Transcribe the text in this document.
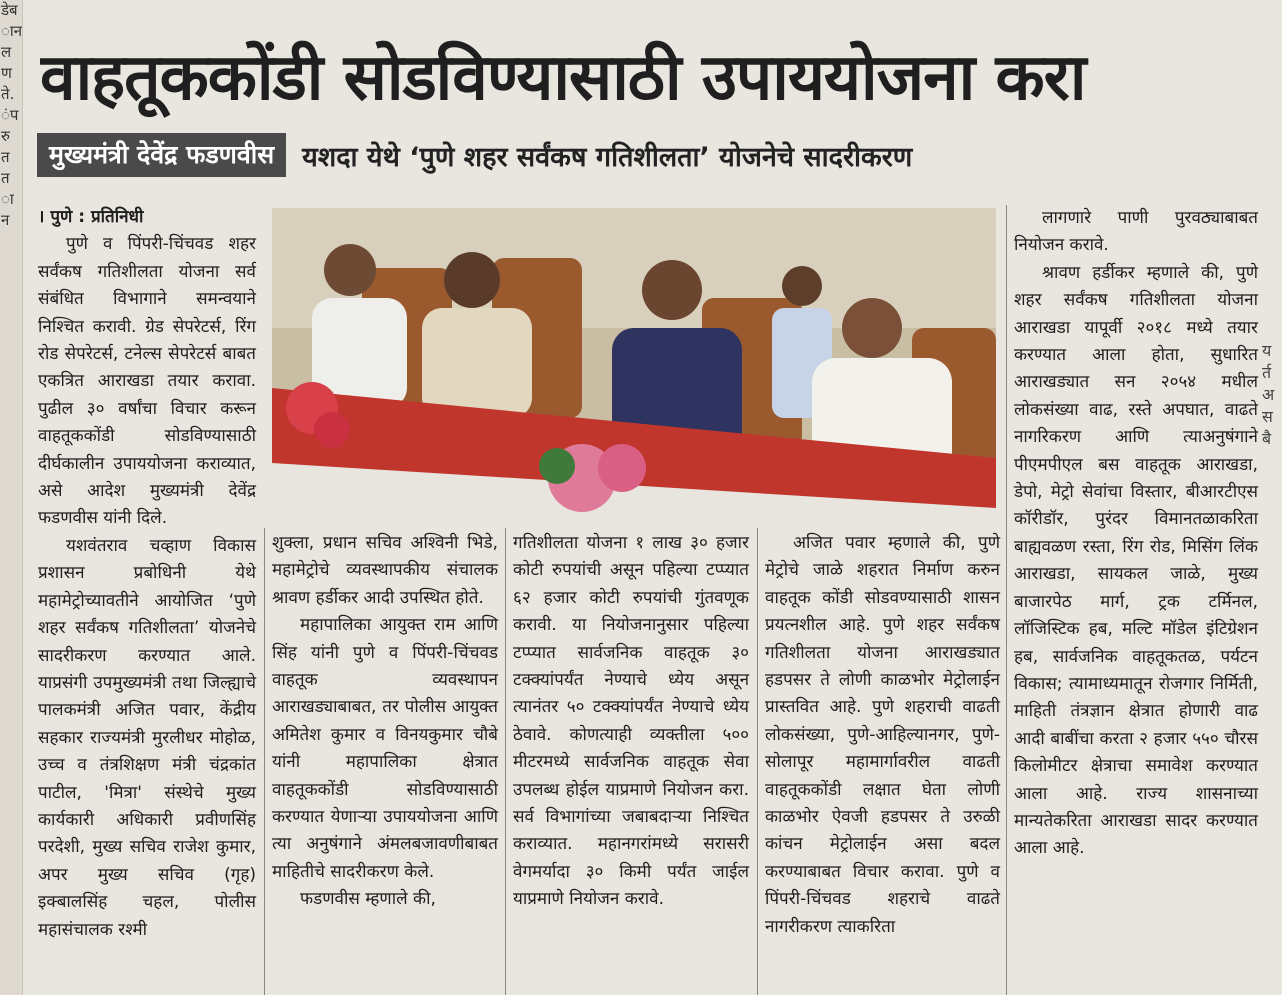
डेब
ान
ल
ण
ते.
ंप
रु
त
त
ा
न
य
र्त
अ
स
बै
वाहतूककोंडी सोडविण्यासाठी उपाययोजना करा
मुख्यमंत्री देवेंद्र फडणवीस	यशदा येथे ‘पुणे शहर सर्वंकष गतिशीलता’ योजनेचे सादरीकरण

। पुणे : प्रतिनिधी

पुणे व पिंपरी-चिंचवड शहर सर्वंकष गतिशीलता योजना सर्व संबंधित विभागाने समन्वयाने निश्चित करावी. ग्रेड सेपरेटर्स, रिंग रोड सेपरेटर्स, टनेल्स सेपरेटर्स बाबत एकत्रित आराखडा तयार करावा. पुढील ३० वर्षांचा विचार करून वाहतूककोंडी सोडविण्यासाठी दीर्घकालीन उपाययोजना कराव्यात, असे आदेश मुख्यमंत्री देवेंद्र फडणवीस यांनी दिले.

यशवंतराव चव्हाण विकास प्रशासन प्रबोधिनी येथे महामेट्रोच्यावतीने आयोजित ‘पुणे शहर सर्वंकष गतिशीलता’ योजनेचे सादरीकरण करण्यात आले. याप्रसंगी उपमुख्यमंत्री तथा जिल्ह्याचे पालकमंत्री अजित पवार, केंद्रीय सहकार राज्यमंत्री मुरलीधर मोहोळ, उच्च व तंत्रशिक्षण मंत्री चंद्रकांत पाटील, 'मित्रा' संस्थेचे मुख्य कार्यकारी अधिकारी प्रवीणसिंह परदेशी, मुख्य सचिव राजेश कुमार, अपर मुख्य सचिव (गृह) इक्बालसिंह चहल, पोलीस महासंचालक रश्मी

शुक्ला, प्रधान सचिव अश्विनी भिडे, महामेट्रोचे व्यवस्थापकीय संचालक श्रावण हर्डीकर आदी उपस्थित होते.

महापालिका आयुक्त राम आणि सिंह यांनी पुणे व पिंपरी-चिंचवड वाहतूक व्यवस्थापन आराखड्याबाबत, तर पोलीस आयुक्त अमितेश कुमार व विनयकुमार चौबे यांनी महापालिका क्षेत्रात वाहतूककोंडी सोडविण्यासाठी करण्यात येणाऱ्या उपाययोजना आणि त्या अनुषंगाने अंमलबजावणीबाबत माहितीचे सादरीकरण केले.

फडणवीस म्हणाले की,

गतिशीलता योजना १ लाख ३० हजार कोटी रुपयांची असून पहिल्या टप्प्यात ६२ हजार कोटी रुपयांची गुंतवणूक करावी. या नियोजनानुसार पहिल्या टप्प्यात सार्वजनिक वाहतूक ३० टक्क्यांपर्यंत नेण्याचे ध्येय असून त्यानंतर ५० टक्क्यांपर्यंत नेण्याचे ध्येय ठेवावे. कोणत्याही व्यक्तीला ५०० मीटरमध्ये सार्वजनिक वाहतूक सेवा उपलब्ध होईल याप्रमाणे नियोजन करा. सर्व विभागांच्या जबाबदाऱ्या निश्चित कराव्यात. महानगरांमध्ये सरासरी वेगमर्यादा ३० किमी पर्यंत जाईल याप्रमाणे नियोजन करावे.

अजित पवार म्हणाले की, पुणे मेट्रोचे जाळे शहरात निर्माण करुन वाहतूक कोंडी सोडवण्यासाठी शासन प्रयत्नशील आहे. पुणे शहर सर्वंकष गतिशीलता योजना आराखड्यात हडपसर ते लोणी काळभोर मेट्रोलाईन प्रास्तवित आहे. पुणे शहराची वाढती लोकसंख्या, पुणे-आहिल्यानगर, पुणे-सोलापूर महामार्गावरील वाढती वाहतूककोंडी लक्षात घेता लोणी काळभोर ऐवजी हडपसर ते उरुळी कांचन मेट्रोलाईन असा बदल करण्याबाबत विचार करावा. पुणे व पिंपरी-चिंचवड शहराचे वाढते नागरीकरण त्याकरिता

लागणारे पाणी पुरवठ्याबाबत नियोजन करावे.

श्रावण हर्डीकर म्हणाले की, पुणे शहर सर्वंकष गतिशीलता योजना आराखडा यापूर्वी २०१८ मध्ये तयार करण्यात आला होता, सुधारित आराखड्यात सन २०५४ मधील लोकसंख्या वाढ, रस्ते अपघात, वाढते नागरिकरण आणि त्याअनुषंगाने पीएमपीएल बस वाहतूक आराखडा, डेपो, मेट्रो सेवांचा विस्तार, बीआरटीएस कॉरीडॉर, पुरंदर विमानतळाकरिता बाह्यवळण रस्ता, रिंग रोड, मिसिंग लिंक आराखडा, सायकल जाळे, मुख्य बाजारपेठ मार्ग, ट्रक टर्मिनल, लॉजिस्टिक हब, मल्टि मॉडेल इंटिग्रेशन हब, सार्वजनिक वाहतूकतळ, पर्यटन विकास; त्यामाध्यमातून रोजगार निर्मिती, माहिती तंत्रज्ञान क्षेत्रात होणारी वाढ आदी बाबींचा करता २ हजार ५५० चौरस किलोमीटर क्षेत्राचा समावेश करण्यात आला आहे. राज्य शासनाच्या मान्यतेकरिता आराखडा सादर करण्यात आला आहे.
